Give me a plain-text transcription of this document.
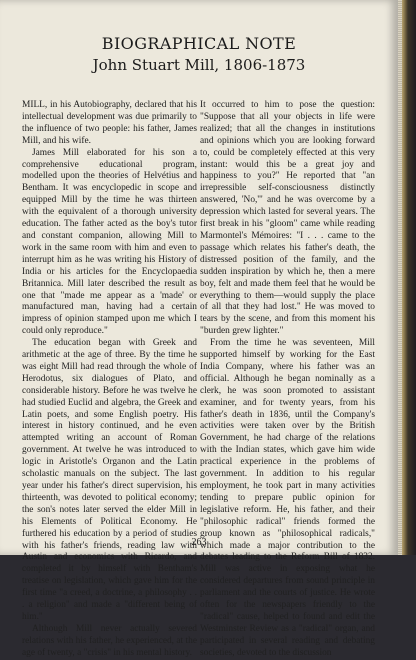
BIOGRAPHICAL NOTE
John Stuart Mill, 1806-1873

MILL, in his Autobiography, declared that his intellectual development was due primarily to the influence of two people: his father, James Mill, and his wife.

James Mill elaborated for his son a comprehensive educational program, modelled upon the theories of Helvétius and Bentham. It was encyclopedic in scope and equipped Mill by the time he was thirteen with the equivalent of a thorough university education. The father acted as the boy's tutor and constant companion, allowing Mill to work in the same room with him and even to interrupt him as he was writing his History of India or his articles for the Encyclopaedia Britannica. Mill later described the result as one that "made me appear as a 'made' or manufactured man, having had a certain impress of opinion stamped upon me which I could only reproduce."

The education began with Greek and arithmetic at the age of three. By the time he was eight Mill had read through the whole of Herodotus, six dialogues of Plato, and considerable history. Before he was twelve he had studied Euclid and algebra, the Greek and Latin poets, and some English poetry. His interest in history continued, and he even attempted writing an account of Roman government. At twelve he was introduced to logic in Aristotle's Organon and the Latin scholastic manuals on the subject. The last year under his father's direct supervision, his thirteenth, was devoted to political economy; the son's notes later served the elder Mill in his Elements of Political Economy. He furthered his education by a period of studies with his father's friends, reading law with Austin and economics with Ricardo, and completed it by himself with Bentham's treatise on legislation, which gave him for the first time "a creed, a doctrine, a philosophy . . . a religion" and made a "different being of him."

Although Mill never actually severed relations with his father, he experienced, at the age of twenty, a "crisis" in his mental history.

It occurred to him to pose the question: "Suppose that all your objects in life were realized; that all the changes in institutions and opinions which you are looking forward to, could be completely effected at this very instant: would this be a great joy and happiness to you?" He reported that "an irrepressible self-consciousness distinctly answered, 'No,'" and he was overcome by a depression which lasted for several years. The first break in his "gloom" came while reading Marmontel's Mémoires: "I . . . came to the passage which relates his father's death, the distressed position of the family, and the sudden inspiration by which he, then a mere boy, felt and made them feel that he would be everything to them—would supply the place of all that they had lost." He was moved to tears by the scene, and from this moment his "burden grew lighter."

From the time he was seventeen, Mill supported himself by working for the East India Company, where his father was an official. Although he began nominally as a clerk, he was soon promoted to assistant examiner, and for twenty years, from his father's death in 1836, until the Company's activities were taken over by the British Government, he had charge of the relations with the Indian states, which gave him wide practical experience in the problems of government. In addition to his regular employment, he took part in many activities tending to prepare public opinion for legislative reform. He, his father, and their "philosophic radical" friends formed the group known as "philosophical radicals," which made a major contribution to the debates leading to the Reform Bill of 1832. Mill was active in exposing what he considered departures from sound principle in parliament and the courts of justice. He wrote often for the newspapers friendly to the "radical" cause, helped to found and edit the Westminster Review as a "radical" organ, and participated in several reading and debating societies, devoted to the discussion

263
